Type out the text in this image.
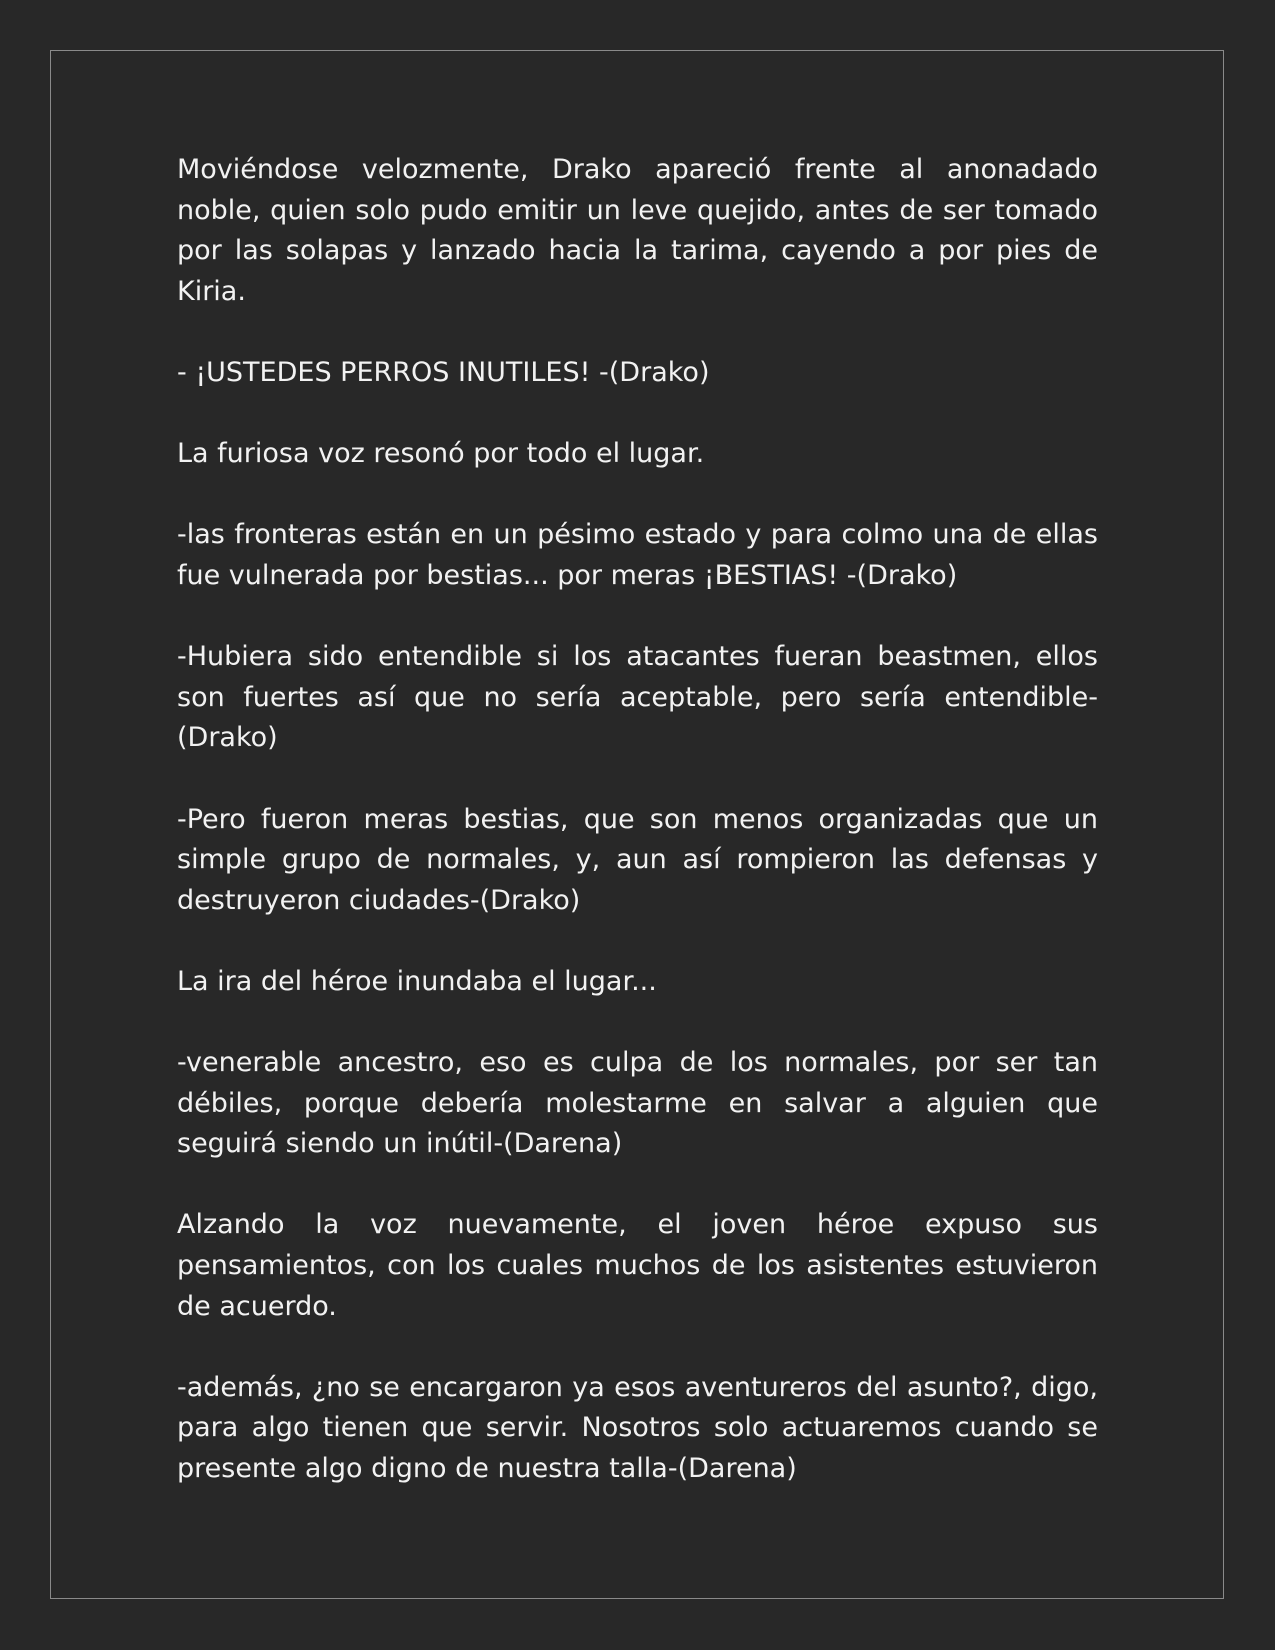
Moviéndose velozmente, Drako apareció frente al anonadado noble, quien solo pudo emitir un leve quejido, antes de ser tomado por las solapas y lanzado hacia la tarima, cayendo a por pies de Kiria.

- ¡USTEDES PERROS INUTILES! -(Drako)

La furiosa voz resonó por todo el lugar.

-las fronteras están en un pésimo estado y para colmo una de ellas fue vulnerada por bestias... por meras ¡BESTIAS! -(Drako)

-Hubiera sido entendible si los atacantes fueran beastmen, ellos son fuertes así que no sería aceptable, pero sería entendible-(Drako)

-Pero fueron meras bestias, que son menos organizadas que un simple grupo de normales, y, aun así rompieron las defensas y destruyeron ciudades-(Drako)

La ira del héroe inundaba el lugar...

-venerable ancestro, eso es culpa de los normales, por ser tan débiles, porque debería molestarme en salvar a alguien que seguirá siendo un inútil-(Darena)

Alzando la voz nuevamente, el joven héroe expuso sus pensamientos, con los cuales muchos de los asistentes estuvieron de acuerdo.

-además, ¿no se encargaron ya esos aventureros del asunto?, digo, para algo tienen que servir. Nosotros solo actuaremos cuando se presente algo digno de nuestra talla-(Darena)
